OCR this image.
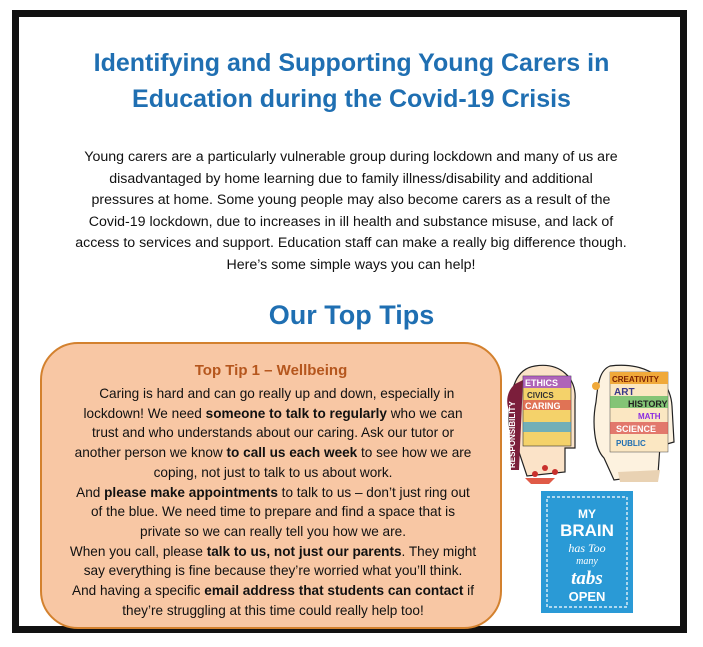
Identifying and Supporting Young Carers in
Education during the Covid-19 Crisis
Young carers are a particularly vulnerable group during lockdown and many of us are
disadvantaged by home learning due to family illness/disability and additional
pressures at home. Some young people may also become carers as a result of the
Covid-19 lockdown, due to increases in ill health and substance misuse, and lack of
access to services and support. Education staff can make a really big difference though.
Here’s some simple ways you can help!
Our Top Tips
Top Tip 1 – Wellbeing
Caring is hard and can go really up and down, especially in
lockdown! We need someone to talk to regularly who we can
trust and who understands about our caring. Ask our tutor or
another person we know to call us each week to see how we are
coping, not just to talk to us about work.
And please make appointments to talk to us – don’t just ring out
of the blue. We need time to prepare and find a space that is
private so we can really tell you how we are.
When you call, please talk to us, not just our parents. They might
say everything is fine because they’re worried what you’ll think.
And having a specific email address that students can contact if
they’re struggling at this time could really help too!
ETHICS
CIVICS
CARING
RESPONSIBILITY
CREATIVITY
ART
HISTORY
SCIENCE
MATH
PUBLIC
MY
BRAIN
has Too
many
tabs
OPEN
